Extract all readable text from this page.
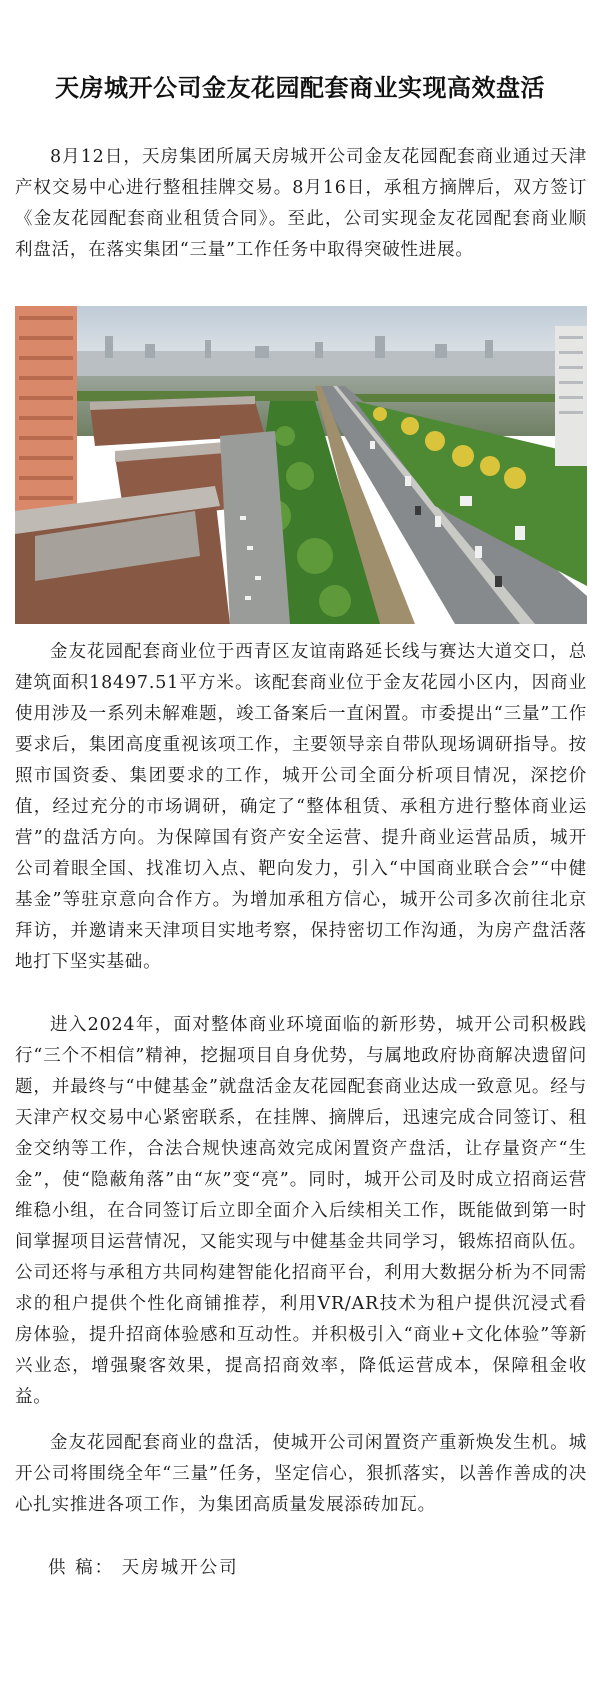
天房城开公司金友花园配套商业实现高效盘活

8月12日，天房集团所属天房城开公司金友花园配套商业通过天津产权交易中心进行整租挂牌交易。8月16日，承租方摘牌后，双方签订《金友花园配套商业租赁合同》。至此，公司实现金友花园配套商业顺利盘活，在落实集团“三量”工作任务中取得突破性进展。

金友花园配套商业位于西青区友谊南路延长线与赛达大道交口，总建筑面积18497.51平方米。该配套商业位于金友花园小区内，因商业使用涉及一系列未解难题，竣工备案后一直闲置。市委提出“三量”工作要求后，集团高度重视该项工作，主要领导亲自带队现场调研指导。按照市国资委、集团要求的工作，城开公司全面分析项目情况，深挖价值，经过充分的市场调研，确定了“整体租赁、承租方进行整体商业运营”的盘活方向。为保障国有资产安全运营、提升商业运营品质，城开公司着眼全国、找准切入点、靶向发力，引入“中国商业联合会”“中健基金”等驻京意向合作方。为增加承租方信心，城开公司多次前往北京拜访，并邀请来天津项目实地考察，保持密切工作沟通，为房产盘活落地打下坚实基础。

进入2024年，面对整体商业环境面临的新形势，城开公司积极践行“三个不相信”精神，挖掘项目自身优势，与属地政府协商解决遗留问题，并最终与“中健基金”就盘活金友花园配套商业达成一致意见。经与天津产权交易中心紧密联系，在挂牌、摘牌后，迅速完成合同签订、租金交纳等工作，合法合规快速高效完成闲置资产盘活，让存量资产“生金”，使“隐蔽角落”由“灰”变“亮”。同时，城开公司及时成立招商运营维稳小组，在合同签订后立即全面介入后续相关工作，既能做到第一时间掌握项目运营情况，又能实现与中健基金共同学习，锻炼招商队伍。公司还将与承租方共同构建智能化招商平台，利用大数据分析为不同需求的租户提供个性化商铺推荐，利用VR/AR技术为租户提供沉浸式看房体验，提升招商体验感和互动性。并积极引入“商业+文化体验”等新兴业态，增强聚客效果，提高招商效率，降低运营成本，保障租金收益。

金友花园配套商业的盘活，使城开公司闲置资产重新焕发生机。城开公司将围绕全年“三量”任务，坚定信心，狠抓落实，以善作善成的决心扎实推进各项工作，为集团高质量发展添砖加瓦。

供 稿： 天房城开公司
